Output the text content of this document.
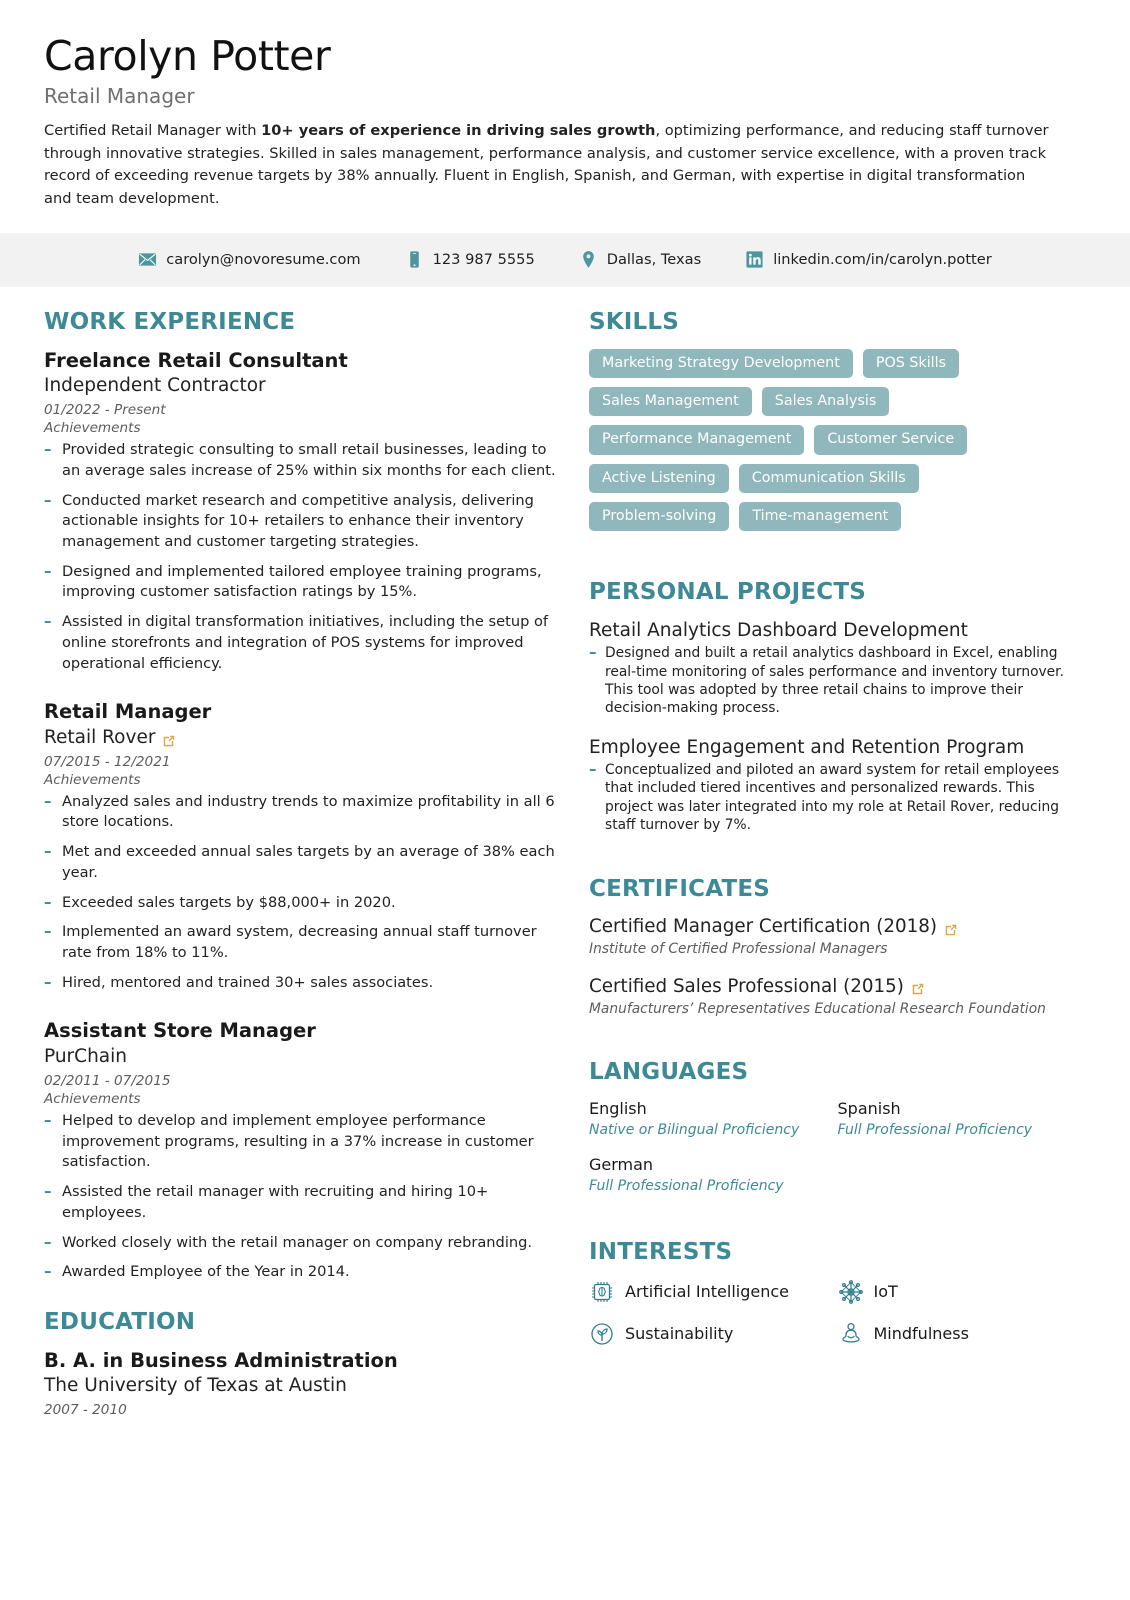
Carolyn Potter
Retail Manager

Certified Retail Manager with 10+ years of experience in driving sales growth, optimizing performance, and reducing staff turnover through innovative strategies. Skilled in sales management, performance analysis, and customer service excellence, with a proven track record of exceeding revenue targets by 38% annually. Fluent in English, Spanish, and German, with expertise in digital transformation and team development.

carolyn@novoresume.com	123 987 5555	Dallas, Texas	linkedin.com/in/carolyn.potter
WORK EXPERIENCE
Freelance Retail Consultant
Independent Contractor
01/2022 - Present
Achievements
– Provided strategic consulting to small retail businesses, leading to an average sales increase of 25% within six months for each client.
– Conducted market research and competitive analysis, delivering actionable insights for 10+ retailers to enhance their inventory management and customer targeting strategies.
– Designed and implemented tailored employee training programs, improving customer satisfaction ratings by 15%.
– Assisted in digital transformation initiatives, including the setup of online storefronts and integration of POS systems for improved operational efficiency.
Retail Manager
Retail Rover
07/2015 - 12/2021
Achievements
– Analyzed sales and industry trends to maximize profitability in all 6 store locations.
– Met and exceeded annual sales targets by an average of 38% each year.
– Exceeded sales targets by $88,000+ in 2020.
– Implemented an award system, decreasing annual staff turnover rate from 18% to 11%.
– Hired, mentored and trained 30+ sales associates.
Assistant Store Manager
PurChain
02/2011 - 07/2015
Achievements
– Helped to develop and implement employee performance improvement programs, resulting in a 37% increase in customer satisfaction.
– Assisted the retail manager with recruiting and hiring 10+ employees.
– Worked closely with the retail manager on company rebranding.
– Awarded Employee of the Year in 2014.
EDUCATION
B. A. in Business Administration
The University of Texas at Austin
2007 - 2010
SKILLS
Marketing Strategy Development	POS Skills
Sales Management	Sales Analysis
Performance Management	Customer Service
Active Listening	Communication Skills
Problem-solving	Time-management
PERSONAL PROJECTS
Retail Analytics Dashboard Development
– Designed and built a retail analytics dashboard in Excel, enabling real-time monitoring of sales performance and inventory turnover. This tool was adopted by three retail chains to improve their decision-making process.
Employee Engagement and Retention Program
– Conceptualized and piloted an award system for retail employees that included tiered incentives and personalized rewards. This project was later integrated into my role at Retail Rover, reducing staff turnover by 7%.
CERTIFICATES
Certified Manager Certification (2018)
Institute of Certified Professional Managers
Certified Sales Professional (2015)
Manufacturers’ Representatives Educational Research Foundation
LANGUAGES
English
Native or Bilingual Proficiency
Spanish
Full Professional Proficiency
German
Full Professional Proficiency
INTERESTS
Artificial Intelligence	IoT
Sustainability	Mindfulness
